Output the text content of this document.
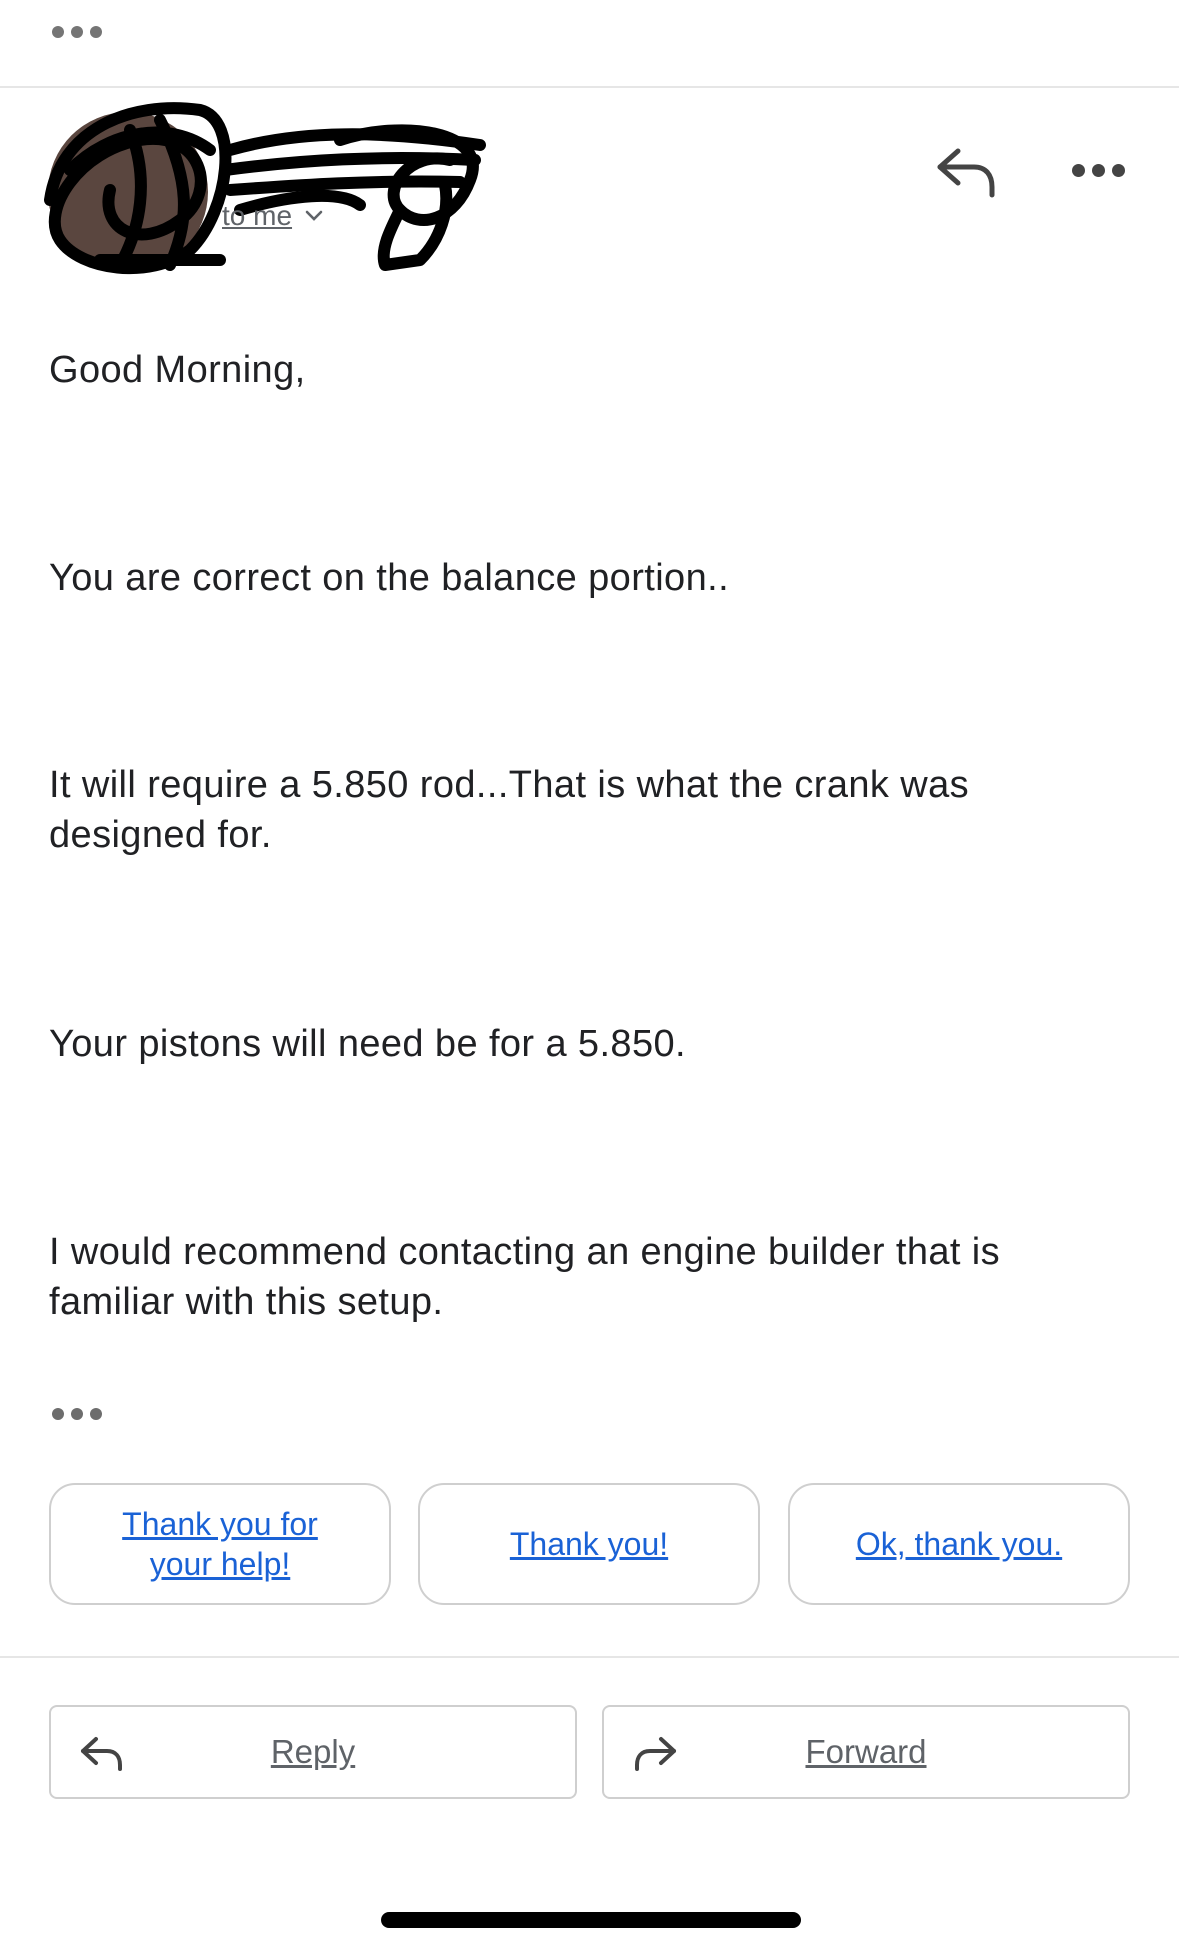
to me

Good Morning,

You are correct on the balance portion..

It will require a 5.850 rod...That is what the crank was designed for.

Your pistons will need be for a 5.850.

I would recommend contacting an engine builder that is familiar with this setup.

Thank you for your help!
Thank you!	Ok, thank you.
Reply	Forward
